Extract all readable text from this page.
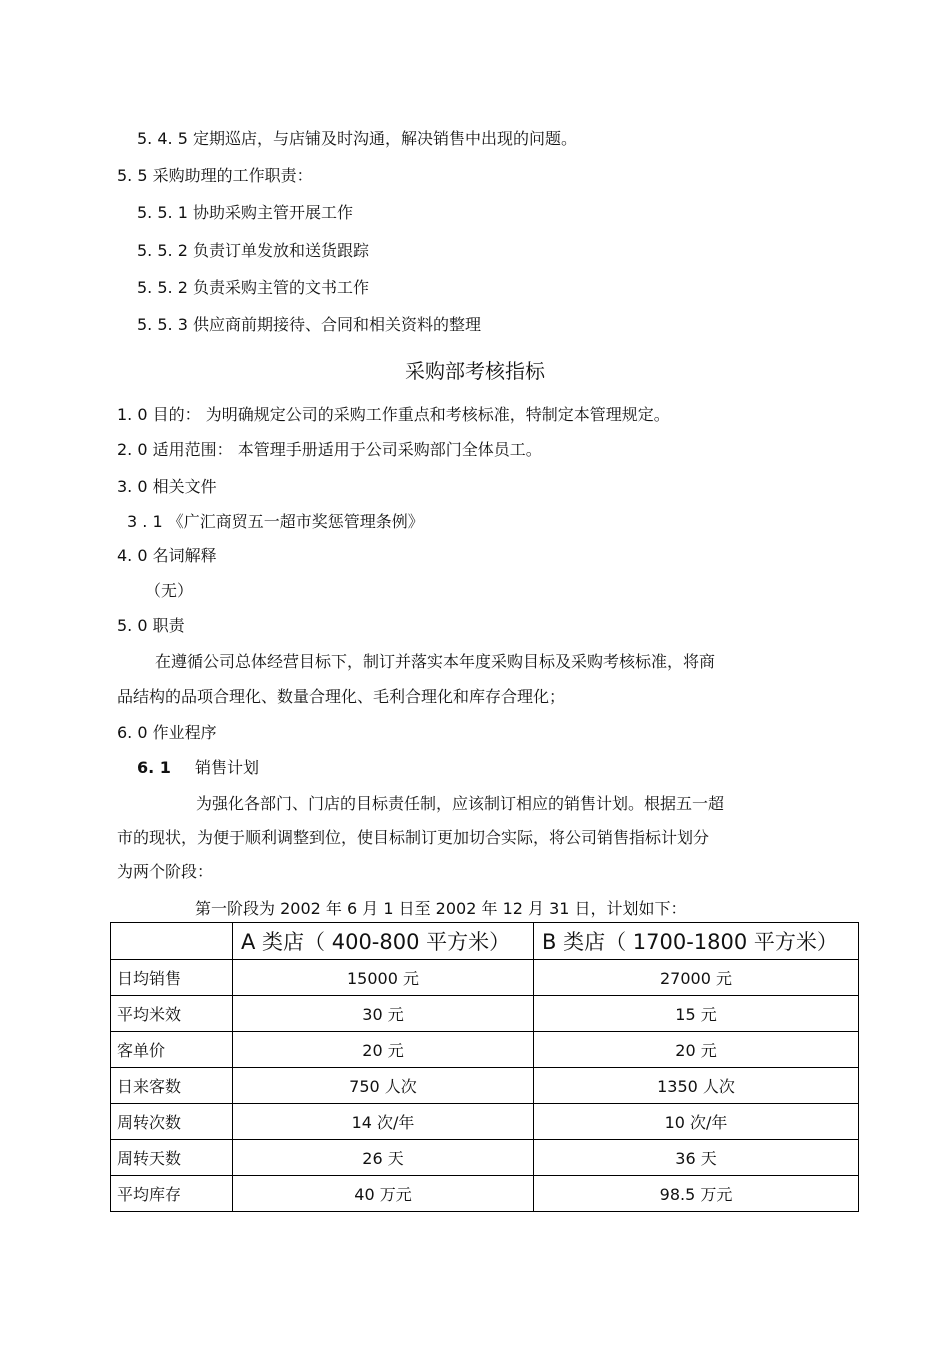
5. 4. 5 定期巡店，与店铺及时沟通，解决销售中出现的问题。
5. 5 采购助理的工作职责：
5. 5. 1 协助采购主管开展工作
5. 5. 2 负责订单发放和送货跟踪
5. 5. 2 负责采购主管的文书工作
5. 5. 3 供应商前期接待、合同和相关资料的整理
采购部考核指标
1. 0 目的： 为明确规定公司的采购工作重点和考核标准，特制定本管理规定。
2. 0 适用范围： 本管理手册适用于公司采购部门全体员工。
3. 0 相关文件
3 . 1 《广汇商贸五一超市奖惩管理条例》
4. 0 名词解释
（无）
5. 0 职责
在遵循公司总体经营目标下，制订并落实本年度采购目标及采购考核标准，将商
品结构的品项合理化、数量合理化、毛利合理化和库存合理化；
6. 0 作业程序
6. 1 销售计划
为强化各部门、门店的目标责任制，应该制订相应的销售计划。根据五一超
市的现状，为便于顺利调整到位，使目标制订更加切合实际，将公司销售指标计划分
为两个阶段：
第一阶段为 2002 年 6 月 1 日至 2002 年 12 月 31 日，计划如下：
	A 类店（ 400-800 平方米）	B 类店（ 1700-1800 平方米）
日均销售	15000 元	27000 元
平均米效	30 元	15 元
客单价	20 元	20 元
日来客数	750 人次	1350 人次
周转次数	14 次/年	10 次/年
周转天数	26 天	36 天
平均库存	40 万元	98.5 万元
